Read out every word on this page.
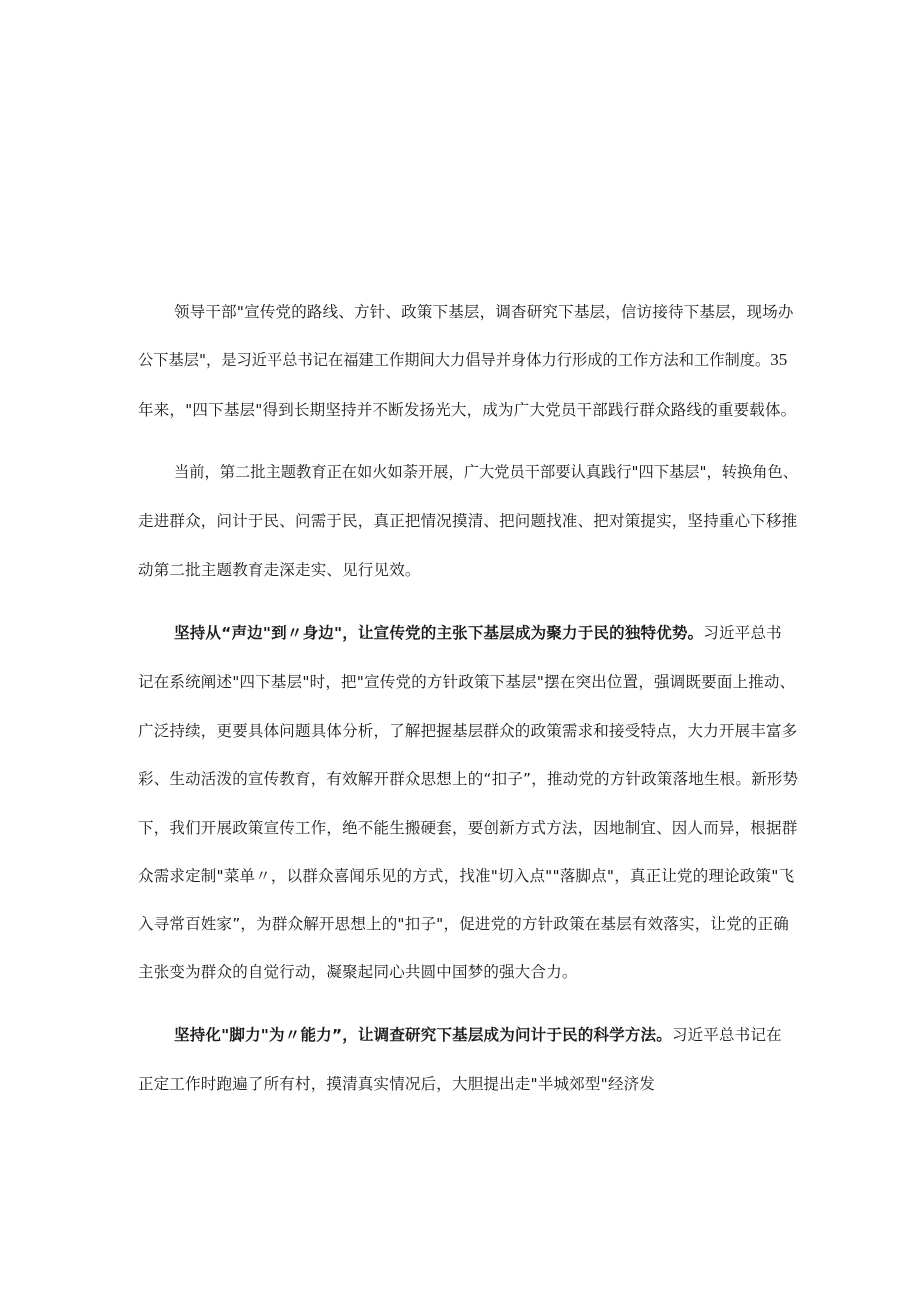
领导干部"宣传党的路线、方针、政策下基层，调杳研究下基层，信访接待下基层，现场办
公下基层"，是习近平总书记在福建工作期间大力倡导并身体力行形成的工作方法和工作制度。35
年来，"四下基层"得到长期坚持并不断发扬光大，成为广大党员干部践行群众路线的重要载体。
当前，第二批主题教育正在如火如荼开展，广大党员干部要认真践行"四下基层"，转换角色、
走进群众，问计于民、问需于民，真正把情况摸清、把问题找准、把对策提实，坚持重心下移推
动第二批主题教育走深走实、见行见效。
坚持从“声边"到〃身边"，让宣传党的主张下基层成为聚力于民的独特优势。习近平总书
记在系统阐述"四下基层"时，把"宣传党的方针政策下基层"摆在突出位置，强调既要面上推动、
广泛持续，更要具体问题具体分析，了解把握基层群众的政策需求和接受特点，大力开展丰富多
彩、生动活泼的宣传教育，有效解开群众思想上的“扣子”，推动党的方针政策落地生根。新形势
下，我们开展政策宣传工作，绝不能生搬硬套，要创新方式方法，因地制宜、因人而异，根据群
众需求定制"菜单〃，以群众喜闻乐见的方式，找准"切入点""落脚点"，真正让党的理论政策"飞
入寻常百姓家”，为群众解开思想上的"扣子"，促进党的方针政策在基层有效落实，让党的正确
主张变为群众的自觉行动，凝聚起同心共圆中国梦的强大合力。
坚持化"脚力"为〃能力”，让调查研究下基层成为问计于民的科学方法。习近平总书记在
正定工作时跑遍了所有村，摸清真实情况后，大胆提出走"半城郊型"经济发
